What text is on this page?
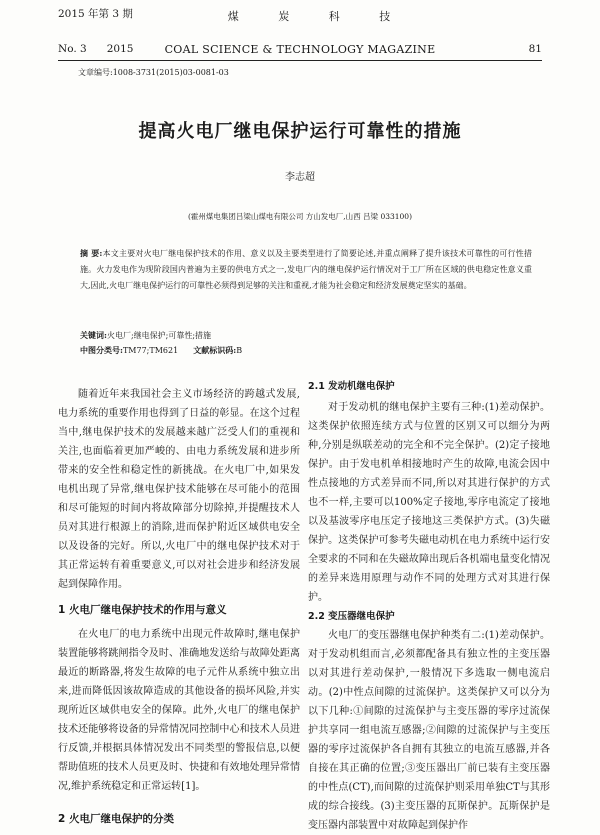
2015 年第 3 期	煤 炭 科 技
No. 3      2015	COAL SCIENCE & TECHNOLOGY MAGAZINE	81
文章编号:1008-3731(2015)03-0081-03
提高火电厂继电保护运行可靠性的措施
李志超
(霍州煤电集团吕梁山煤电有限公司 方山发电厂,山西 吕梁 033100)
摘 要:本文主要对火电厂继电保护技术的作用、意义以及主要类型进行了简要论述,并重点阐释了提升该技术可靠性的可行性措施。火力发电作为现阶段国内普遍为主要的供电方式之一,发电厂内的继电保护运行情况对于工厂所在区域的供电稳定性意义重大,因此,火电厂继电保护运行的可靠性必须得到足够的关注和重视,才能为社会稳定和经济发展奠定坚实的基础。
关键词:火电厂;继电保护;可靠性;措施
中图分类号:TM77;TM621 文献标识码:B

随着近年来我国社会主义市场经济的跨越式发展,电力系统的重要作用也得到了日益的彰显。在这个过程当中,继电保护技术的发展越来越广泛受人们的重视和关注,也面临着更加严峻的、由电力系统发展和进步所带来的安全性和稳定性的新挑战。在火电厂中,如果发电机出现了异常,继电保护技术能够在尽可能小的范围和尽可能短的时间内将故障部分切除掉,并提醒技术人员对其进行根源上的消除,进而保护附近区域供电安全以及设备的完好。所以,火电厂中的继电保护技术对于其正常运转有着重要意义,可以对社会进步和经济发展起到保障作用。

1 火电厂继电保护技术的作用与意义

在火电厂的电力系统中出现元件故障时,继电保护装置能够将跳闸指令及时、准确地发送给与故障处距离最近的断路器,将发生故障的电子元件从系统中独立出来,进而降低因该故障造成的其他设备的损坏风险,并实现所近区域供电安全的保障。此外,火电厂的继电保护技术还能够将设备的异常情况同控制中心和技术人员进行反馈,并根据具体情况发出不同类型的警报信息,以便帮助值班的技术人员更及时、快捷和有效地处理异常情况,维护系统稳定和正常运转[1]。

2 火电厂继电保护的分类
2.1 发动机继电保护

对于发动机的继电保护主要有三种:(1)差动保护。这类保护依照连续方式与位置的区别又可以细分为两种,分别是纵联差动的完全和不完全保护。(2)定子接地保护。由于发电机单相接地时产生的故障,电流会因中性点接地的方式差异而不同,所以对其进行保护的方式也不一样,主要可以100%定子接地,零序电流定了接地以及基波零序电压定子接地这三类保护方式。(3)失磁保护。这类保护可参考失磁电动机在电力系统中运行安全要求的不同和在失磁故障出现后各机端电量变化情况的差异来选用原理与动作不同的处理方式对其进行保护。

2.2 变压器继电保护

火电厂的变压器继电保护种类有二:(1)差动保护。对于发动机组而言,必须都配备具有独立性的主变压器以对其进行差动保护,一般情况下多选取一侧电流启动。(2)中性点间隙的过流保护。这类保护又可以分为以下几种:①间隙的过流保护与主变压器的零序过流保护共享同一组电流互感器;②间隙的过流保护与主变压器的零序过流保护各自拥有其独立的电流互感器,并各自接在其正确的位置;③变压器出厂前已装有主变压器的中性点(CT),而间隙的过流保护则采用单独CT与其形成的综合接线。(3)主变压器的瓦斯保护。瓦斯保护是变压器内部装置中对故障起到保护作
